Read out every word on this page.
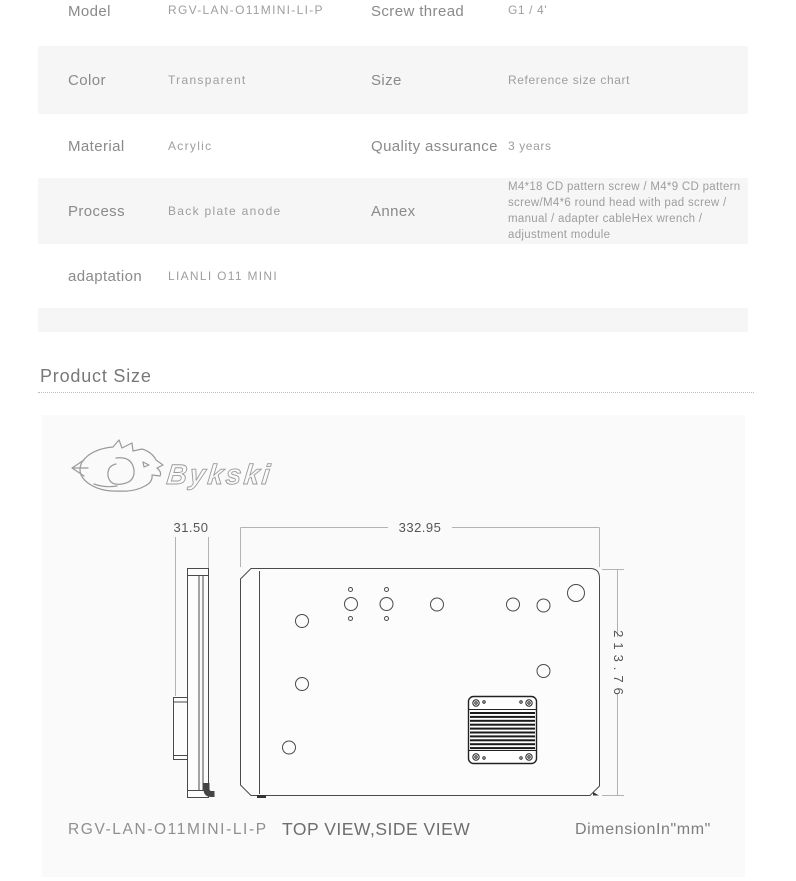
Model	RGV-LAN-O11MINI-LI-P	Screw thread	G1 / 4'
Color	Transparent	Size	Reference size chart
Material	Acrylic	Quality assurance 3 years
Process	Back plate anode	Annex
M4*18 CD pattern screw / M4*9 CD pattern screw/M4*6 round head with pad screw / manual / adapter cableHex wrench / adjustment module
adaptation	LIANLI O11 MINI
Product Size
Bykski
332.95
31.50
213.76
RGV-LAN-O11MINI-LI-P TOP VIEW,SIDE VIEW	DimensionIn"mm"
